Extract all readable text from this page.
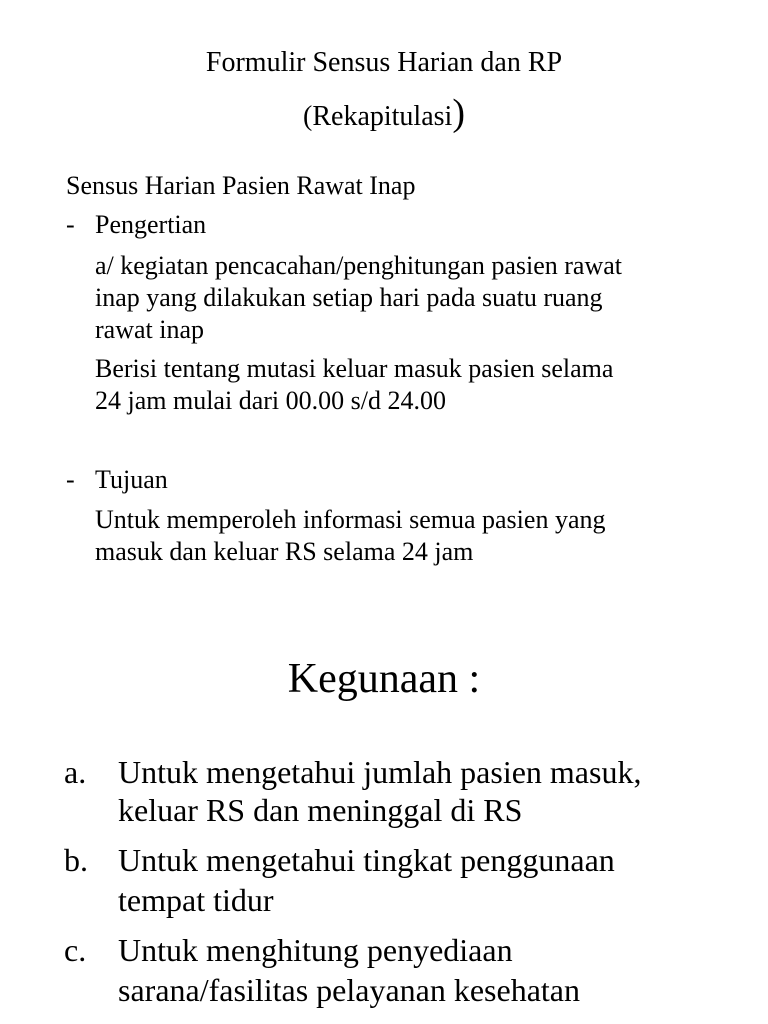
Formulir Sensus Harian dan RP
(Rekapitulasi)
Sensus Harian Pasien Rawat Inap
- Pengertian
a/ kegiatan pencacahan/penghitungan pasien rawat
inap yang dilakukan setiap hari pada suatu ruang
rawat inap
Berisi tentang mutasi keluar masuk pasien selama
24 jam mulai dari 00.00 s/d 24.00
- Tujuan
Untuk memperoleh informasi semua pasien yang
masuk dan keluar RS selama 24 jam
Kegunaan :
a. Untuk mengetahui jumlah pasien masuk,
keluar RS dan meninggal di RS
b. Untuk mengetahui tingkat penggunaan
tempat tidur
c. Untuk menghitung penyediaan
sarana/fasilitas pelayanan kesehatan
